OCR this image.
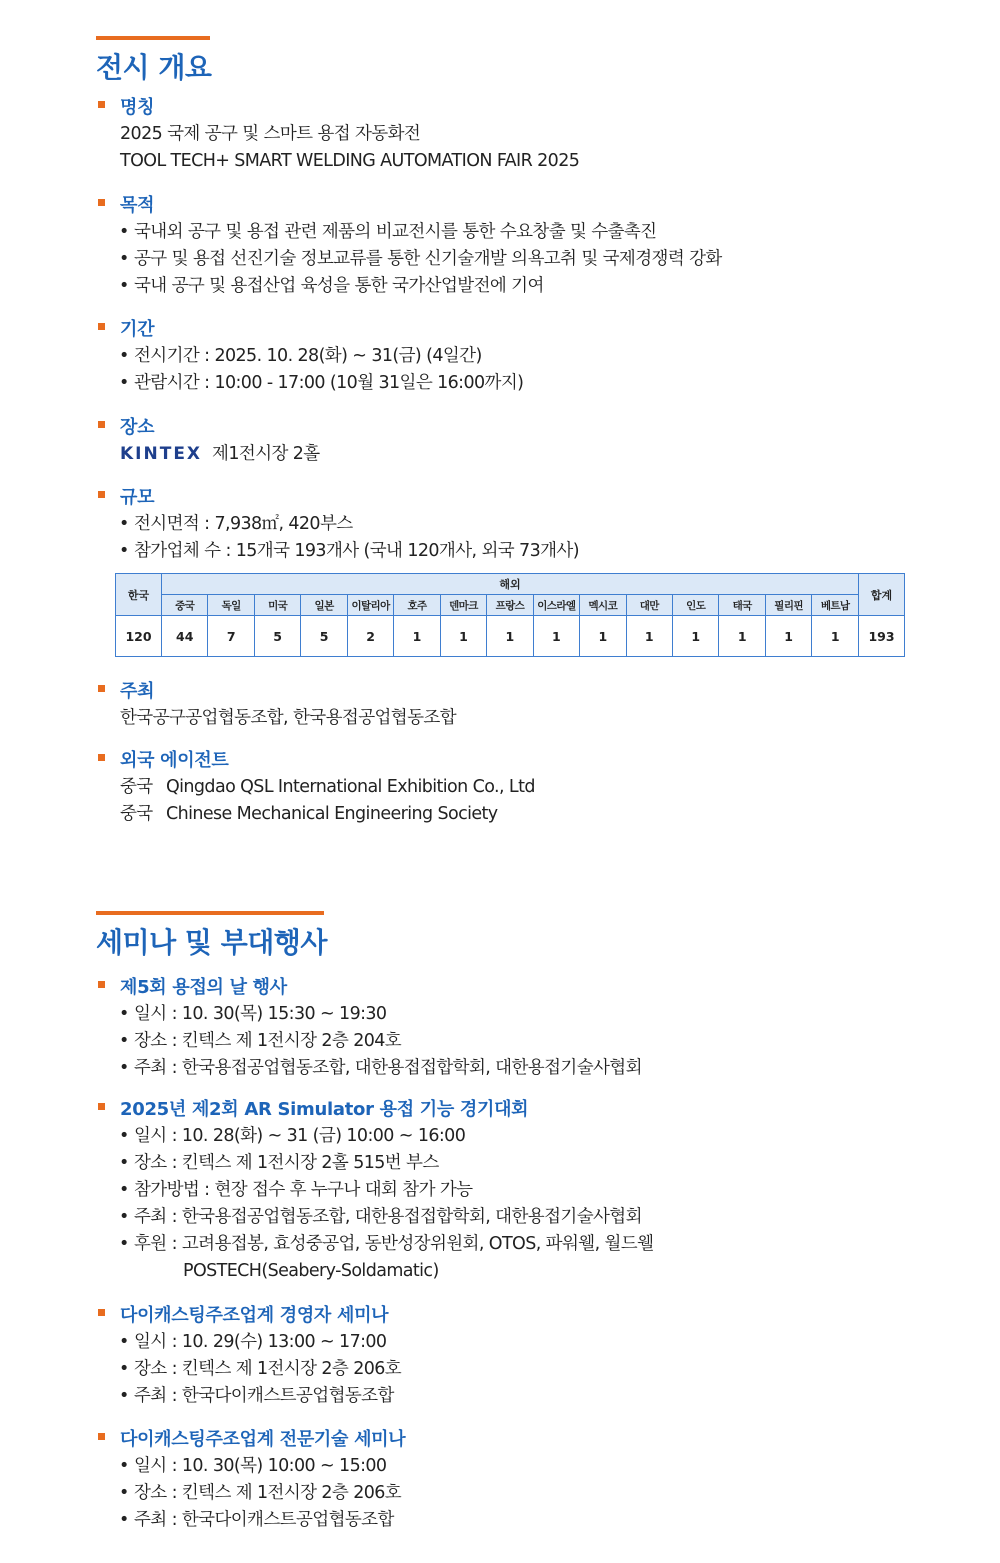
전시 개요
명칭
2025 국제 공구 및 스마트 용접 자동화전
TOOL TECH+ SMART WELDING AUTOMATION FAIR 2025
목적
• 국내외 공구 및 용접 관련 제품의 비교전시를 통한 수요창출 및 수출촉진
• 공구 및 용접 선진기술 정보교류를 통한 신기술개발 의욕고취 및 국제경쟁력 강화
• 국내 공구 및 용접산업 육성을 통한 국가산업발전에 기여
기간
• 전시기간 : 2025. 10. 28(화) ~ 31(금) (4일간)
• 관람시간 : 10:00 - 17:00 (10월 31일은 16:00까지)
장소
KINTEX 제1전시장 2홀
규모
• 전시면적 : 7,938㎡, 420부스
• 참가업체 수 : 15개국 193개사 (국내 120개사, 외국 73개사)
한국	해외															합계
	중국	독일	미국	일본	이탈리아	호주	덴마크	프랑스	이스라엘	멕시코	대만	인도	태국	필리핀	베트남	
120	44	7	5	5	2	1	1	1	1	1	1	1	1	1	1	193
주최
한국공구공업협동조합, 한국용접공업협동조합
외국 에이전트
중국 Qingdao QSL International Exhibition Co., Ltd
중국 Chinese Mechanical Engineering Society
세미나 및 부대행사
제5회 용접의 날 행사
• 일시 : 10. 30(목) 15:30 ~ 19:30
• 장소 : 킨텍스 제 1전시장 2층 204호
• 주최 : 한국용접공업협동조합, 대한용접접합학회, 대한용접기술사협회
2025년 제2회 AR Simulator 용접 기능 경기대회
• 일시 : 10. 28(화) ~ 31 (금) 10:00 ~ 16:00
• 장소 : 킨텍스 제 1전시장 2홀 515번 부스
• 참가방법 : 현장 접수 후 누구나 대회 참가 가능
• 주최 : 한국용접공업협동조합, 대한용접접합학회, 대한용접기술사협회
• 후원 : 고려용접봉, 효성중공업, 동반성장위원회, OTOS, 파워웰, 월드웰
POSTECH(Seabery-Soldamatic)
다이캐스팅주조업계 경영자 세미나
• 일시 : 10. 29(수) 13:00 ~ 17:00
• 장소 : 킨텍스 제 1전시장 2층 206호
• 주최 : 한국다이캐스트공업협동조합
다이캐스팅주조업계 전문기술 세미나
• 일시 : 10. 30(목) 10:00 ~ 15:00
• 장소 : 킨텍스 제 1전시장 2층 206호
• 주최 : 한국다이캐스트공업협동조합
